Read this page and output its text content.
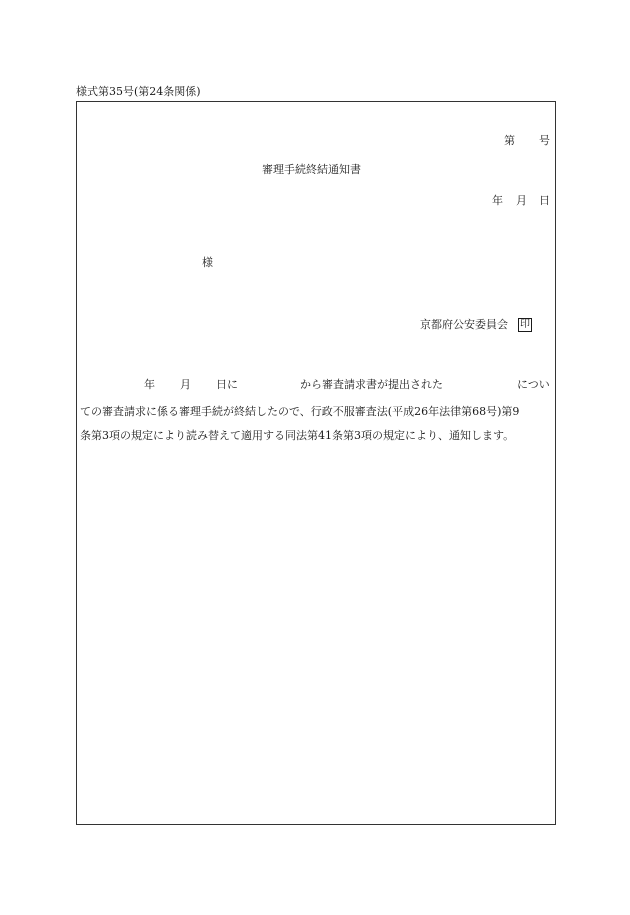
様式第35号(第24条関係)
第 号
審理手続終結通知書
年 月 日
様
京都府公安委員会 印
年 月 日に	から審査請求書が提出された	につい
ての審査請求に係る審理手続が終結したので、行政不服審査法(平成26年法律第68号)第9
条第3項の規定により読み替えて適用する同法第41条第3項の規定により、通知します。
